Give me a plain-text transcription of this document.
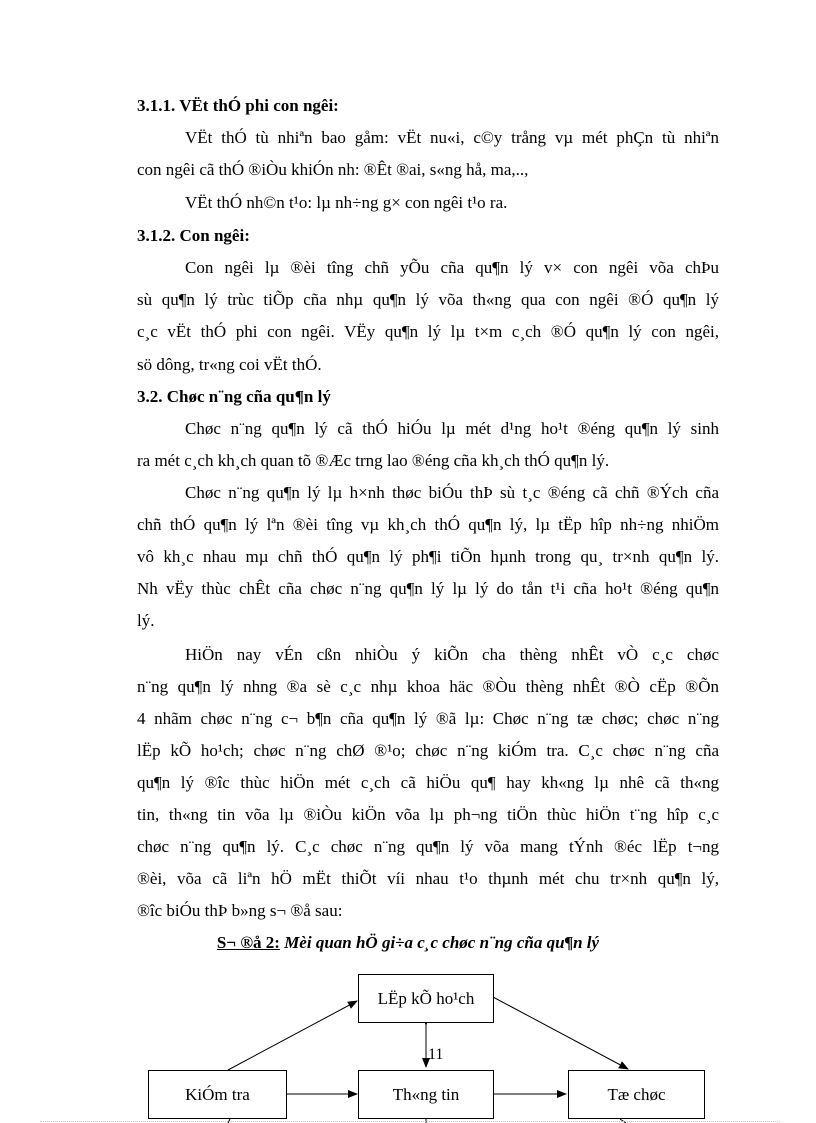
3.1.1. VËt thÓ phi con ngêi:
VËt thÓ tù nhiªn bao gåm: vËt nu«i, c©y trång vµ mét phÇn tù nhiªn
con ngêi cã thÓ ®iÒu khiÓn nh: ®Êt ®ai, s«ng hå, ma,..,
VËt thÓ nh©n t¹o: lµ nh÷ng g× con ngêi t¹o ra.
3.1.2. Con ngêi:
Con ngêi lµ ®èi tîng chñ yÕu cña qu¶n lý v× con ngêi võa chÞu
sù qu¶n lý trùc tiÕp cña nhµ qu¶n lý võa th«ng qua con ngêi ®Ó qu¶n lý
c¸c vËt thÓ phi con ngêi. VËy qu¶n lý lµ t×m c¸ch ®Ó qu¶n lý con ngêi,
sö dông, tr«ng coi vËt thÓ.
3.2. Chøc n¨ng cña qu¶n lý
Chøc n¨ng qu¶n lý cã thÓ hiÓu lµ mét d¹ng ho¹t ®éng qu¶n lý sinh
ra mét c¸ch kh¸ch quan tõ ®Æc trng lao ®éng cña kh¸ch thÓ qu¶n lý.
Chøc n¨ng qu¶n lý lµ h×nh thøc biÓu thÞ sù t¸c ®éng cã chñ ®Ých cña
chñ thÓ qu¶n lý lªn ®èi tîng vµ kh¸ch thÓ qu¶n lý, lµ tËp hîp nh÷ng nhiÖm
vô kh¸c nhau mµ chñ thÓ qu¶n lý ph¶i tiÕn hµnh trong qu¸ tr×nh qu¶n lý.
Nh vËy thùc chÊt cña chøc n¨ng qu¶n lý lµ lý do tån t¹i cña ho¹t ®éng qu¶n
lý.
HiÖn nay vÉn cßn nhiÒu ý kiÕn cha thèng nhÊt vÒ c¸c chøc
n¨ng qu¶n lý nhng ®a sè c¸c nhµ khoa häc ®Òu thèng nhÊt ®Ò cËp ®Õn
4 nhãm chøc n¨ng c¬ b¶n cña qu¶n lý ®ã lµ: Chøc n¨ng tæ chøc; chøc n¨ng
lËp kÕ ho¹ch; chøc n¨ng chØ ®¹o; chøc n¨ng kiÓm tra. C¸c chøc n¨ng cña
qu¶n lý ®îc thùc hiÖn mét c¸ch cã hiÖu qu¶ hay kh«ng lµ nhê cã th«ng
tin, th«ng tin võa lµ ®iÒu kiÖn võa lµ ph¬ng tiÖn thùc hiÖn t¨ng hîp c¸c
chøc n¨ng qu¶n lý. C¸c chøc n¨ng qu¶n lý võa mang tÝnh ®éc lËp t¬ng
®èi, võa cã liªn hÖ mËt thiÕt víi nhau t¹o thµnh mét chu tr×nh qu¶n lý,
®îc biÓu thÞ b»ng s¬ ®å sau:
S¬ ®å 2: Mèi quan hÖ gi÷a c¸c chøc n¨ng cña qu¶n lý
LËp kÕ ho¹ch
KiÓm tra	Th«ng tin	Tæ chøc
11
